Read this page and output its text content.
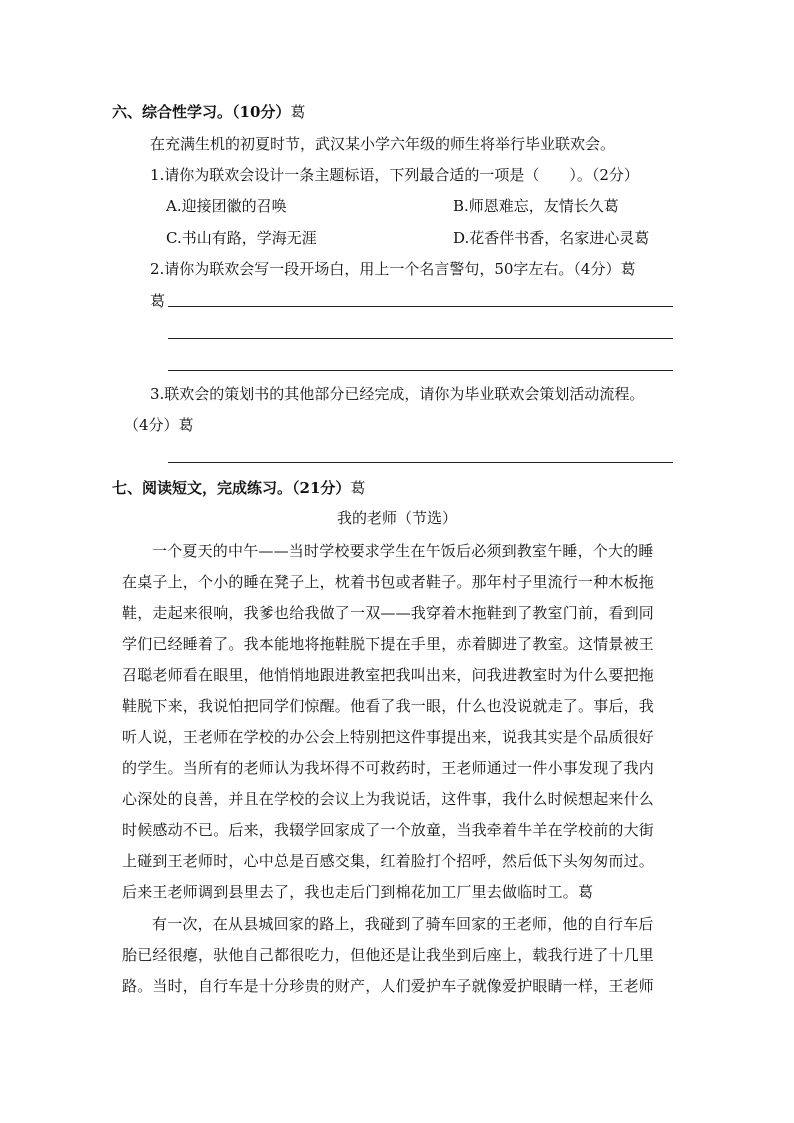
六、综合性学习。（10分）葛
在充满生机的初夏时节，武汉某小学六年级的师生将举行毕业联欢会。
1.请你为联欢会设计一条主题标语，下列最合适的一项是（　　）。（2分）
A.迎接团徽的召唤	B.师恩难忘，友情长久葛
C.书山有路，学海无涯	D.花香伴书香，名家进心灵葛
2.请你为联欢会写一段开场白，用上一个名言警句，50字左右。（4分）葛
葛
3.联欢会的策划书的其他部分已经完成，请你为毕业联欢会策划活动流程。
（4分）葛
七、阅读短文，完成练习。（21分）葛
我的老师（节选）
一个夏天的中午——当时学校要求学生在午饭后必须到教室午睡，个大的睡
在桌子上，个小的睡在凳子上，枕着书包或者鞋子。那年村子里流行一种木板拖
鞋，走起来很响，我爹也给我做了一双——我穿着木拖鞋到了教室门前，看到同
学们已经睡着了。我本能地将拖鞋脱下提在手里，赤着脚进了教室。这情景被王
召聪老师看在眼里，他悄悄地跟进教室把我叫出来，问我进教室时为什么要把拖
鞋脱下来，我说怕把同学们惊醒。他看了我一眼，什么也没说就走了。事后，我
听人说，王老师在学校的办公会上特别把这件事提出来，说我其实是个品质很好
的学生。当所有的老师认为我坏得不可救药时，王老师通过一件小事发现了我内
心深处的良善，并且在学校的会议上为我说话，这件事，我什么时候想起来什么
时候感动不已。后来，我辍学回家成了一个放童，当我牵着牛羊在学校前的大街
上碰到王老师时，心中总是百感交集，红着脸打个招呼，然后低下头匆匆而过。
后来王老师调到县里去了，我也走后门到棉花加工厂里去做临时工。葛
有一次，在从县城回家的路上，我碰到了骑车回家的王老师，他的自行车后
胎已经很瘪，驮他自己都很吃力，但他还是让我坐到后座上，载我行进了十几里
路。当时，自行车是十分珍贵的财产，人们爱护车子就像爱护眼睛一样，王老师
